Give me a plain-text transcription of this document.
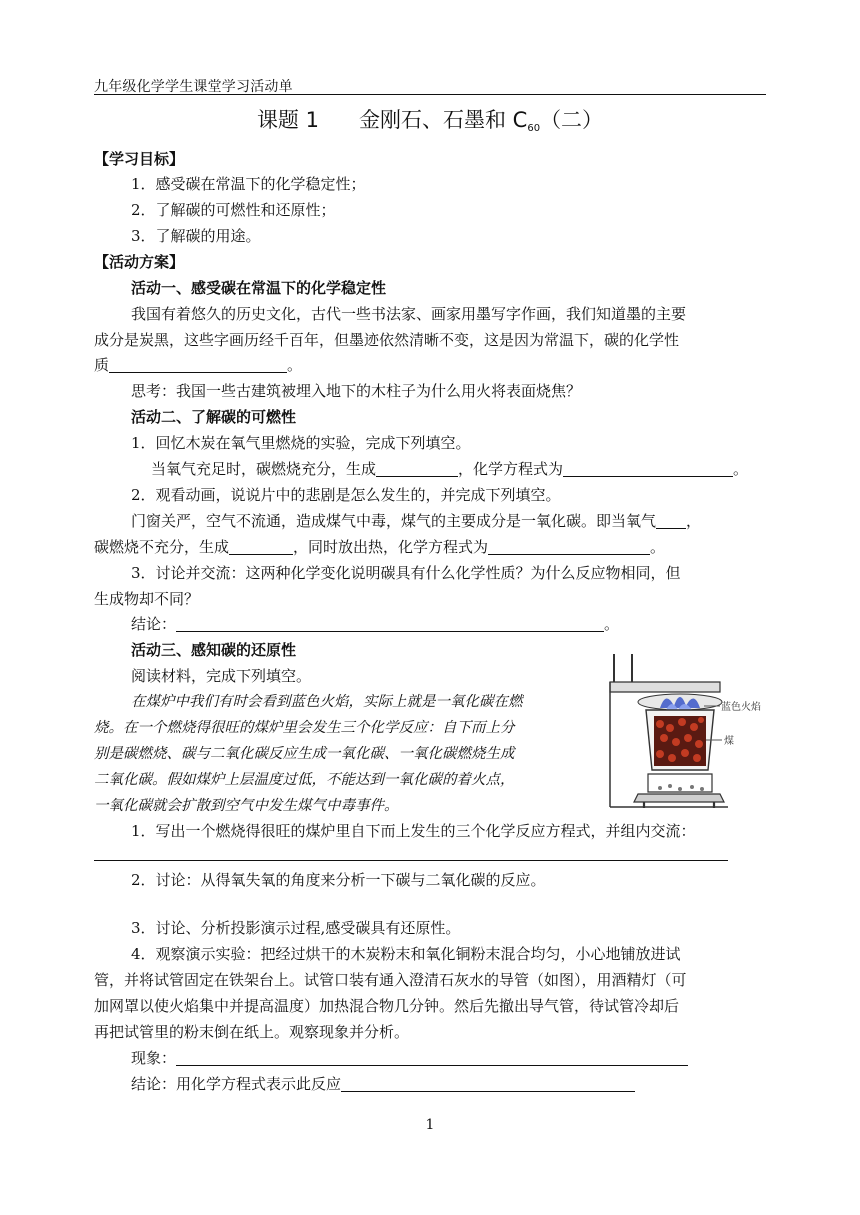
九年级化学学生课堂学习活动单
课题 1 金刚石、石墨和 $C_{60}$（二）
【学习目标】
1．感受碳在常温下的化学稳定性；
2．了解碳的可燃性和还原性；
3．了解碳的用途。
【活动方案】
活动一、感受碳在常温下的化学稳定性
我国有着悠久的历史文化，古代一些书法家、画家用墨写字作画，我们知道墨的主要
成分是炭黑，这些字画历经千百年，但墨迹依然清晰不变，这是因为常温下，碳的化学性
质	。
思考：我国一些古建筑被埋入地下的木柱子为什么用火将表面烧焦？
活动二、了解碳的可燃性
1．回忆木炭在氧气里燃烧的实验，完成下列填空。
当氧气充足时，碳燃烧充分，生成	，化学方程式为	。
2．观看动画，说说片中的悲剧是怎么发生的，并完成下列填空。
门窗关严，空气不流通，造成煤气中毒，煤气的主要成分是一氧化碳。即当氧气 ，
碳燃烧不充分，生成	，同时放出热，化学方程式为	。
3．讨论并交流：这两种化学变化说明碳具有什么化学性质？为什么反应物相同，但
生成物却不同？
结论：	。
活动三、感知碳的还原性
阅读材料，完成下列填空。
在煤炉中我们有时会看到蓝色火焰，实际上就是一氧化碳在燃
烧。在一个燃烧得很旺的煤炉里会发生三个化学反应：自下而上分
别是碳燃烧、碳与二氧化碳反应生成一氧化碳、一氧化碳燃烧生成
二氧化碳。假如煤炉上层温度过低，不能达到一氧化碳的着火点，
一氧化碳就会扩散到空气中发生煤气中毒事件。
蓝色火焰
煤
1．写出一个燃烧得很旺的煤炉里自下而上发生的三个化学反应方程式，并组内交流：
2．讨论：从得氧失氧的角度来分析一下碳与二氧化碳的反应。
3．讨论、分析投影演示过程,感受碳具有还原性。
4．观察演示实验：把经过烘干的木炭粉末和氧化铜粉末混合均匀，小心地铺放进试
管，并将试管固定在铁架台上。试管口装有通入澄清石灰水的导管（如图），用酒精灯（可
加网罩以使火焰集中并提高温度）加热混合物几分钟。然后先撤出导气管，待试管冷却后
再把试管里的粉末倒在纸上。观察现象并分析。
现象：
结论：用化学方程式表示此反应
1
